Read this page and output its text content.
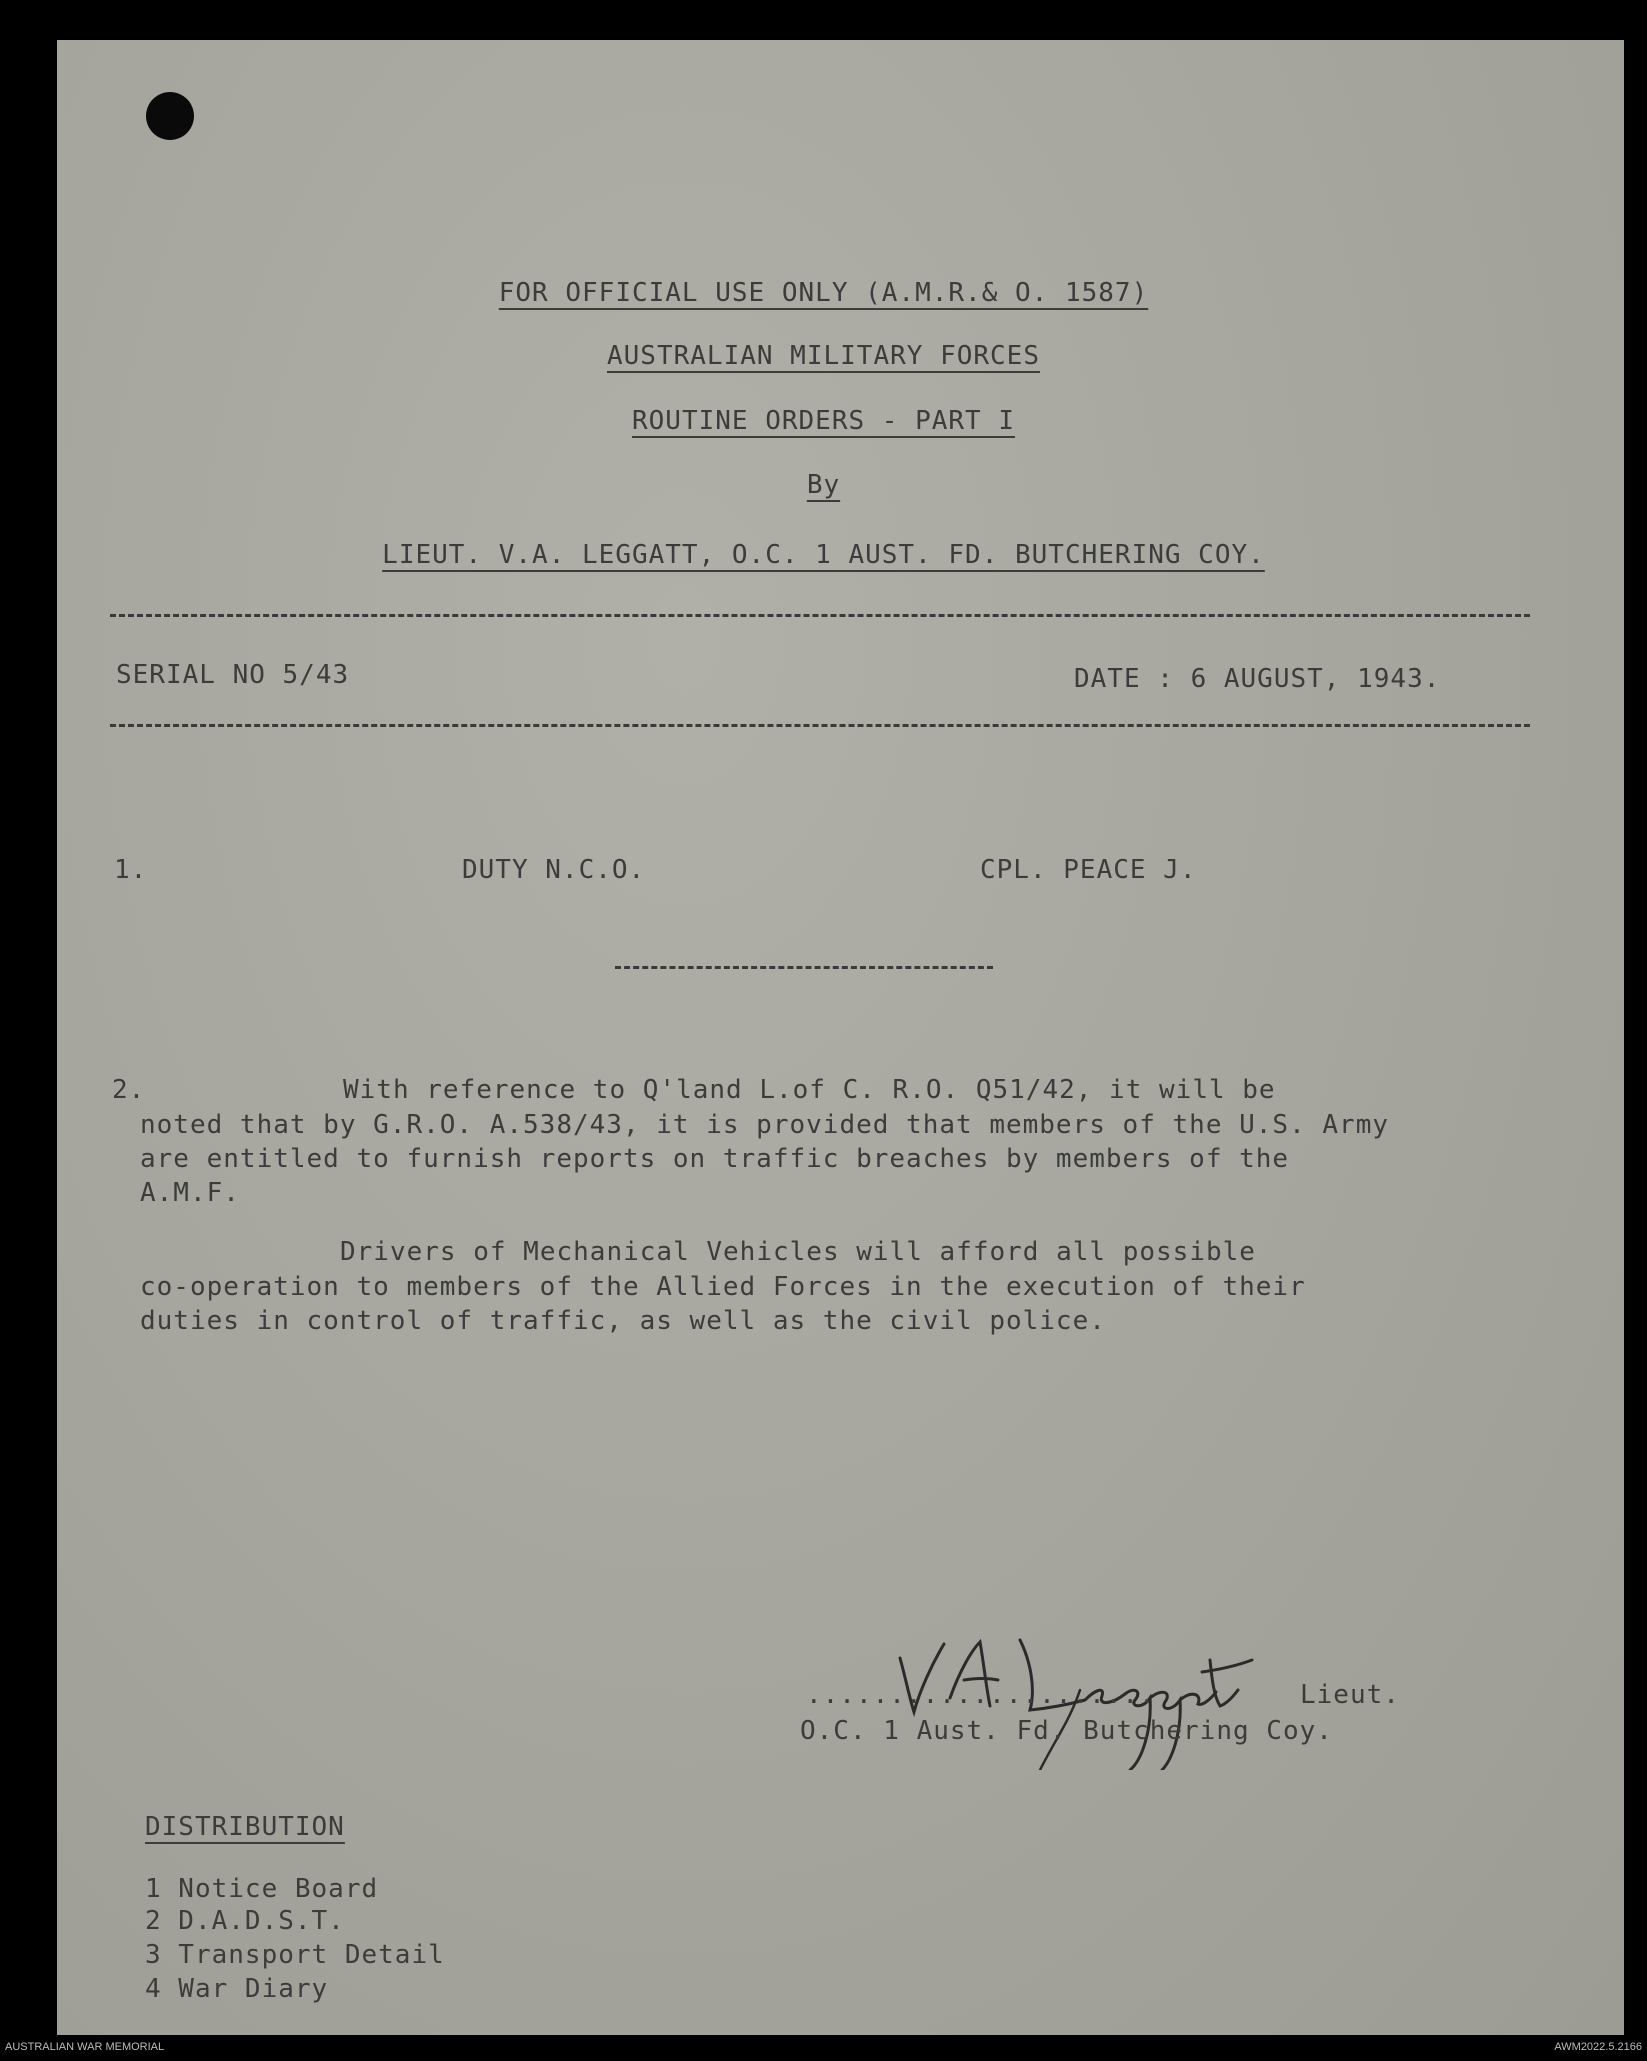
FOR OFFICIAL USE ONLY (A.M.R.& O. 1587)
AUSTRALIAN MILITARY FORCES
ROUTINE ORDERS - PART I
By
LIEUT. V.A. LEGGATT, O.C. 1 AUST. FD. BUTCHERING COY.
SERIAL NO 5/43	DATE : 6 AUGUST, 1943.
1.	DUTY N.C.O.	CPL. PEACE J.
2.	With reference to Q'land L.of C. R.O. Q51/42, it will be
noted that by G.R.O. A.538/43, it is provided that members of the U.S. Army
are entitled to furnish reports on traffic breaches by members of the
A.M.F.
Drivers of Mechanical Vehicles will afford all possible
co-operation to members of the Allied Forces in the execution of their
duties in control of traffic, as well as the civil police.
.....................	Lieut.
O.C. 1 Aust. Fd. Butchering Coy.
DISTRIBUTION
1 Notice Board
2 D.A.D.S.T.
3 Transport Detail
4 War Diary
AUSTRALIAN WAR MEMORIAL	AWM2022.5.2166
